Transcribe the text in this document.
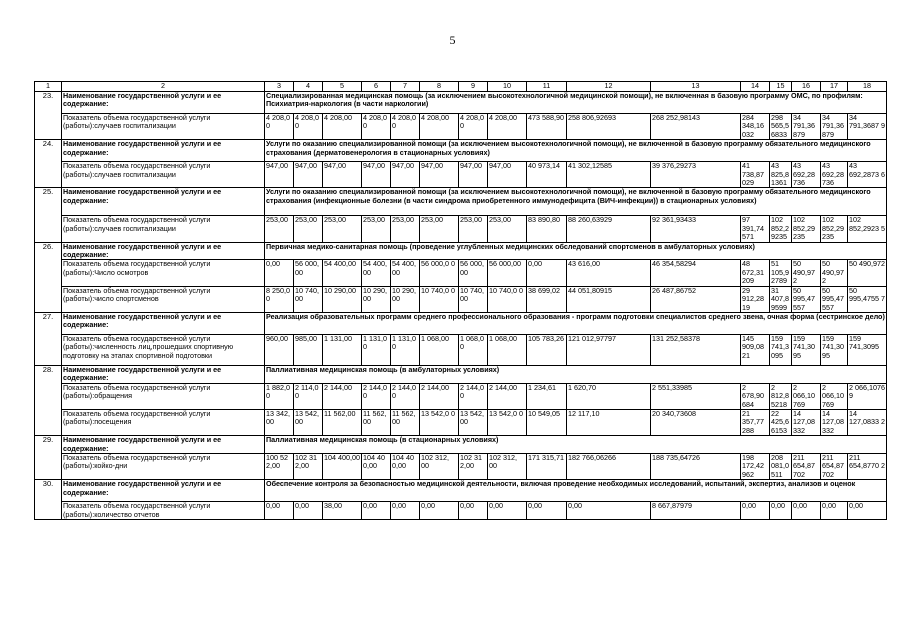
5
1	2	3	4	5	6	7	8	9	10	11	12	13	14	15	16	17	18
23.	Наименование государственной услуги и ее содержание:	Специализированная медицинская помощь (за исключением высокотехнологичной медицинской помощи), не включенная в базовую программу ОМС, по профилям: Психиатрия-наркология (в части наркологии)															
	Показатель объема государственной услуги (работы):случаев госпитализации	4 208,0 0	4 208,0 0	4 208,00	4 208,0 0	4 208,0 0	4 208,00	4 208,0 0	4 208,00	473 588,90	258 806,92693	268 252,98143	284 348,16 032	298 565,5 6833	34 791,36 879	34 791,36 879	34 791,3687 9
24.	Наименование государственной услуги и ее содержание:	Услуги по оказанию специализированной помощи (за исключением высокотехнологичной помощи), не включенной в базовую программу обязательного медицинского страхования (дерматовенерология в стационарных условиях)															
	Показатель объема государственной услуги (работы):случаев госпитализации	947,00	947,00	947,00	947,00	947,00	947,00	947,00	947,00	40 973,14	41 302,12585	39 376,29273	41 738,87 029	43 825,8 1361	43 692,28 736	43 692,28 736	43 692,2873 6
25.	Наименование государственной услуги и ее содержание:	Услуги по оказанию специализированной помощи (за исключением высокотехнологичной помощи), не включенной в базовую программу обязательного медицинского страхования (инфекционные болезни (в части синдрома приобретенного иммунодефицита (ВИЧ-инфекции)) в стационарных условиях)															
	Показатель объема государственной услуги (работы):случаев госпитализации	253,00	253,00	253,00	253,00	253,00	253,00	253,00	253,00	83 890,80	88 260,63929	92 361,93433	97 391,74 571	102 852,2 9235	102 852,29 235	102 852,29 235	102 852,2923 5
26.	Наименование государственной услуги и ее содержание:	Первичная медико-санитарная помощь (проведение углубленных медицинских обследований спортсменов в амбулаторных условиях)															
	Показатель объема государственной услуги (работы):Число осмотров	0,00	56 000, 00	54 400,00	54 400, 00	54 400, 00	56 000,0 0	56 000, 00	56 000,00	0,00	43 616,00	46 354,58294	48 672,31 209	51 105,9 2789	50 490,97 2	50 490,97 2	50 490,972
	Показатель объема государственной услуги (работы):число спортсменов	8 250,0 0	10 740, 00	10 290,00	10 290, 00	10 290, 00	10 740,0 0	10 740, 00	10 740,0 0	38 699,02	44 051,80915	26 487,86752	29 912,28 19	31 407,8 9599	50 995,47 557	50 995,47 557	50 995,4755 7
27.	Наименование государственной услуги и ее содержание:	Реализация образовательных программ среднего профессионального образования - программ подготовки специалистов среднего звена, очная форма (сестринское дело)															
	Показатель объема государственной услуги (работы):численность лиц,прошедших спортивную подготовку на этапах спортивной подготовки	960,00	985,00	1 131,00	1 131,0 0	1 131,0 0	1 068,00	1 068,0 0	1 068,00	105 783,26	121 012,97797	131 252,58378	145 909,08 21	159 741,3 095	159 741,30 95	159 741,30 95	159 741,3095
28.	Наименование государственной услуги и ее содержание:	Паллиативная медицинская помощь (в амбулаторных условиях)															
	Показатель объема государственной услуги (работы):обращения	1 882,0 0	2 114,0 0	2 144,00	2 144,0 0	2 144,0 0	2 144,00	2 144,0 0	2 144,00	1 234,61	1 620,70	2 551,33985	2 678,90 684	2 812,8 5218	2 066,10 769	2 066,10 769	2 066,1076 9
	Показатель объема государственной услуги (работы):посещения	13 342, 00	13 542, 00	11 562,00	11 562, 00	11 562, 00	13 542,0 0	13 542, 00	13 542,0 0	10 549,05	12 117,10	20 340,73608	21 357,77 288	22 425,6 6153	14 127,08 332	14 127,08 332	14 127,0833 2
29.	Наименование государственной услуги и ее содержание:	Паллиативная медицинская помощь (в стационарных условиях)															
	Показатель объема государственной услуги (работы):койко-дни	100 52 2,00	102 31 2,00	104 400,00	104 40 0,00	104 40 0,00	102 312, 00	102 31 2,00	102 312, 00	171 315,71	182 766,06266	188 735,64726	198 172,42 962	208 081,0 511	211 654,87 702	211 654,87 702	211 654,8770 2
30.	Наименование государственной услуги и ее содержание:	Обеспечение контроля за безопасностью медицинской деятельности, включая проведение необходимых исследований, испытаний, экспертиз, анализов и оценок															
	Показатель объема государственной услуги (работы):количество отчетов	0,00	0,00	38,00	0,00	0,00	0,00	0,00	0,00	0,00	0,00	8 667,87979	0,00	0,00	0,00	0,00	0,00
